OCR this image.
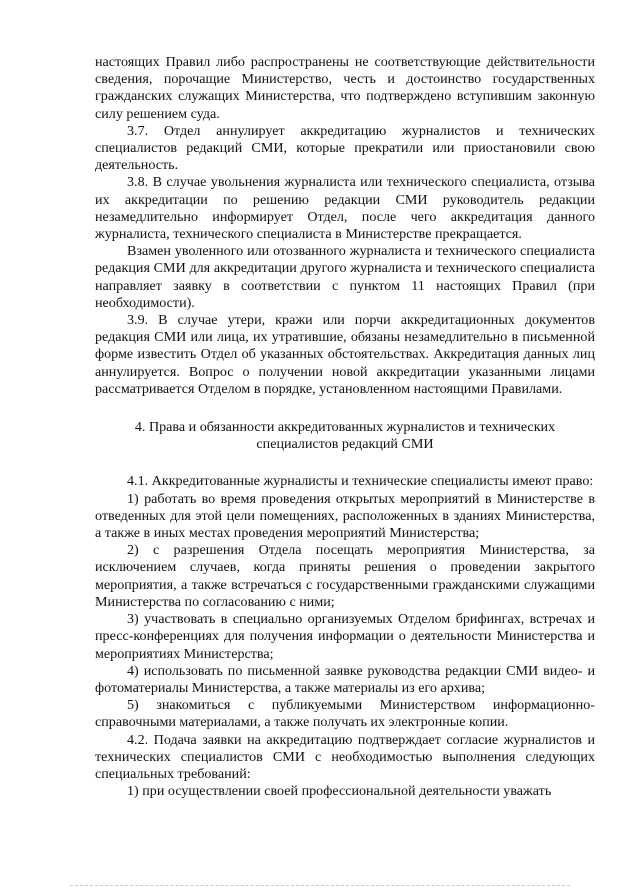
настоящих Правил либо распространены не соответствующие действительности сведения, порочащие Министерство, честь и достоинство государственных гражданских служащих Министерства, что подтверждено вступившим законную силу решением суда.

3.7. Отдел аннулирует аккредитацию журналистов и технических специалистов редакций СМИ, которые прекратили или приостановили свою деятельность.

3.8. В случае увольнения журналиста или технического специалиста, отзыва их аккредитации по решению редакции СМИ руководитель редакции незамедлительно информирует Отдел, после чего аккредитация данного журналиста, технического специалиста в Министерстве прекращается.

Взамен уволенного или отозванного журналиста и технического специалиста редакция СМИ для аккредитации другого журналиста и технического специалиста направляет заявку в соответствии с пунктом 11 настоящих Правил (при необходимости).

3.9. В случае утери, кражи или порчи аккредитационных документов редакция СМИ или лица, их утратившие, обязаны незамедлительно в письменной форме известить Отдел об указанных обстоятельствах. Аккредитация данных лиц аннулируется. Вопрос о получении новой аккредитации указанными лицами рассматривается Отделом в порядке, установленном настоящими Правилами.

4. Права и обязанности аккредитованных журналистов и технических

специалистов редакций СМИ

4.1. Аккредитованные журналисты и технические специалисты имеют право:

1) работать во время проведения открытых мероприятий в Министерстве в отведенных для этой цели помещениях, расположенных в зданиях Министерства, а также в иных местах проведения мероприятий Министерства;

2) с разрешения Отдела посещать мероприятия Министерства, за исключением случаев, когда приняты решения о проведении закрытого мероприятия, а также встречаться с государственными гражданскими служащими Министерства по согласованию с ними;

3) участвовать в специально организуемых Отделом брифингах, встречах и пресс-конференциях для получения информации о деятельности Министерства и мероприятиях Министерства;

4) использовать по письменной заявке руководства редакции СМИ видео- и фотоматериалы Министерства, а также материалы из его архива;

5) знакомиться с публикуемыми Министерством информационно-справочными материалами, а также получать их электронные копии.

4.2. Подача заявки на аккредитацию подтверждает согласие журналистов и технических специалистов СМИ с необходимостью выполнения следующих специальных требований:

1) при осуществлении своей профессиональной деятельности уважать
